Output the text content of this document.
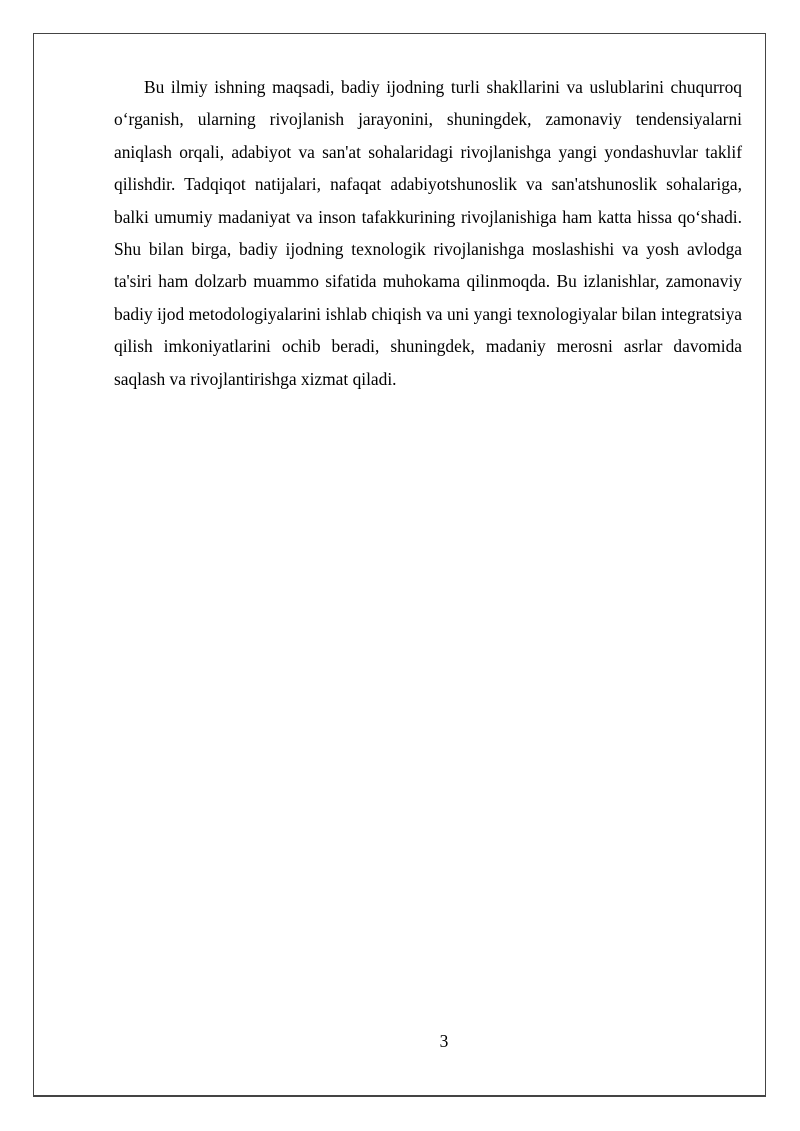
Bu ilmiy ishning maqsadi, badiy ijodning turli shakllarini va uslublarini chuqurroq o‘rganish, ularning rivojlanish jarayonini, shuningdek, zamonaviy tendensiyalarni aniqlash orqali, adabiyot va san'at sohalaridagi rivojlanishga yangi yondashuvlar taklif qilishdir. Tadqiqot natijalari, nafaqat adabiyotshunoslik va san'atshunoslik sohalariga, balki umumiy madaniyat va inson tafakkurining rivojlanishiga ham katta hissa qo‘shadi. Shu bilan birga, badiy ijodning texnologik rivojlanishga moslashishi va yosh avlodga ta'siri ham dolzarb muammo sifatida muhokama qilinmoqda. Bu izlanishlar, zamonaviy badiy ijod metodologiyalarini ishlab chiqish va uni yangi texnologiyalar bilan integratsiya qilish imkoniyatlarini ochib beradi, shuningdek, madaniy merosni asrlar davomida saqlash va rivojlantirishga xizmat qiladi.

3
